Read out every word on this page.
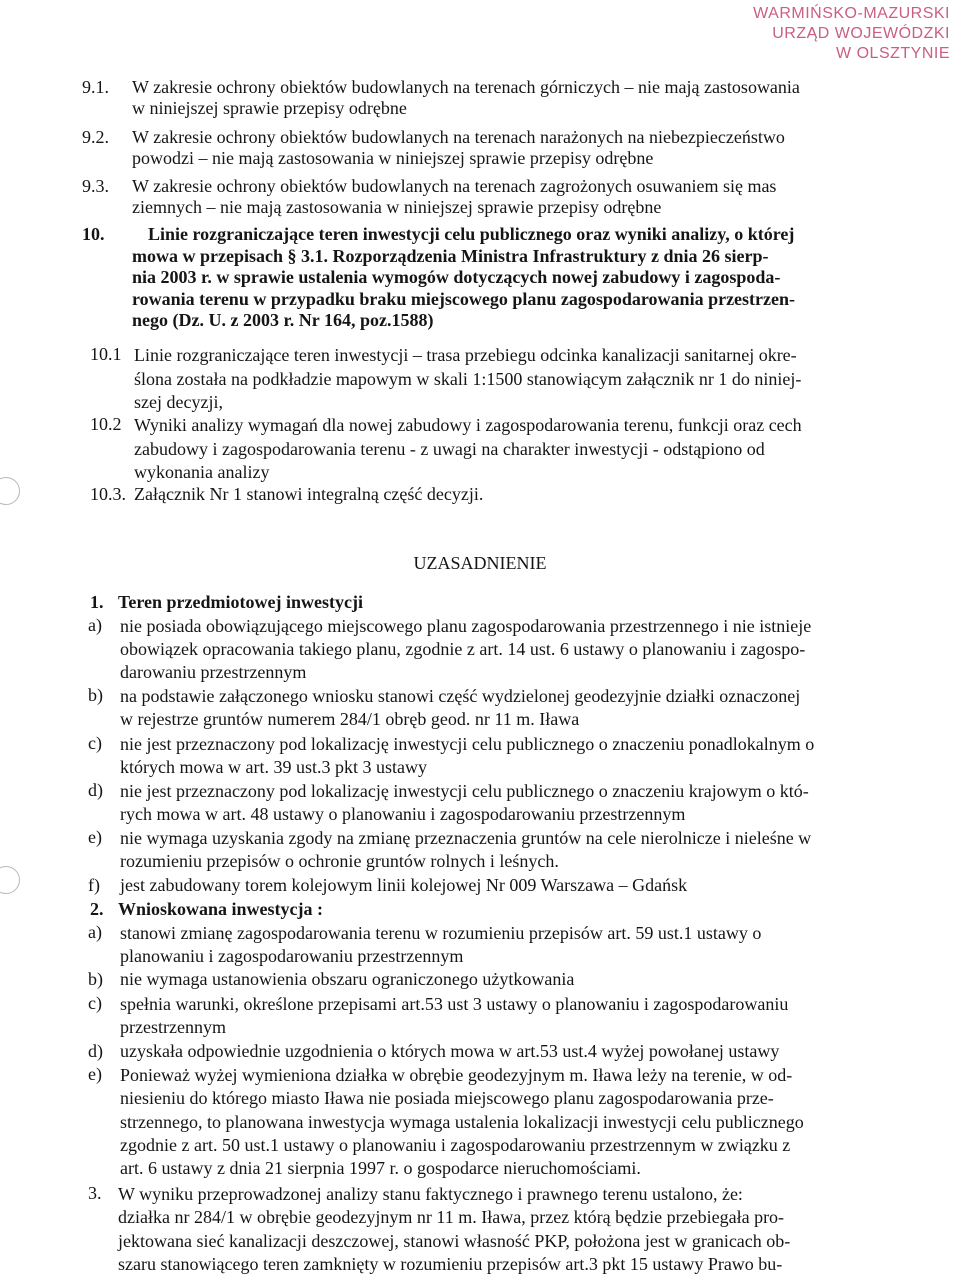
WARMIŃSKO-MAZURSKI
URZĄD WOJEWÓDZKI
W OLSZTYNIE
9.1. W zakresie ochrony obiektów budowlanych na terenach górniczych – nie mają zastosowania
w niniejszej sprawie przepisy odrębne
9.2. W zakresie ochrony obiektów budowlanych na terenach narażonych na niebezpieczeństwo
powodzi – nie mają zastosowania w niniejszej sprawie przepisy odrębne
9.3. W zakresie ochrony obiektów budowlanych na terenach zagrożonych osuwaniem się mas
ziemnych – nie mają zastosowania w niniejszej sprawie przepisy odrębne
10.	Linie rozgraniczające teren inwestycji celu publicznego oraz wyniki analizy, o której
mowa w przepisach § 3.1. Rozporządzenia Ministra Infrastruktury z dnia 26 sierp-
nia 2003 r. w sprawie ustalenia wymogów dotyczących nowej zabudowy i zagospoda-
rowania terenu w przypadku braku miejscowego planu zagospodarowania przestrzen-
nego (Dz. U. z 2003 r. Nr 164, poz.1588)
10.1 Linie rozgraniczające teren inwestycji – trasa przebiegu odcinka kanalizacji sanitarnej okre-
ślona została na podkładzie mapowym w skali 1:1500 stanowiącym załącznik nr 1 do niniej-
szej decyzji,
10.2 Wyniki analizy wymagań dla nowej zabudowy i zagospodarowania terenu, funkcji oraz cech
zabudowy i zagospodarowania terenu - z uwagi na charakter inwestycji - odstąpiono od
wykonania analizy
10.3. Załącznik Nr 1 stanowi integralną część decyzji.
UZASADNIENIE
1. Teren przedmiotowej inwestycji
a) nie posiada obowiązującego miejscowego planu zagospodarowania przestrzennego i nie istnieje
obowiązek opracowania takiego planu, zgodnie z art. 14 ust. 6 ustawy o planowaniu i zagospo-
darowaniu przestrzennym
b) na podstawie załączonego wniosku stanowi część wydzielonej geodezyjnie działki oznaczonej
w rejestrze gruntów numerem 284/1 obręb geod. nr 11 m. Iława
c) nie jest przeznaczony pod lokalizację inwestycji celu publicznego o znaczeniu ponadlokalnym o
których mowa w art. 39 ust.3 pkt 3 ustawy
d) nie jest przeznaczony pod lokalizację inwestycji celu publicznego o znaczeniu krajowym o któ-
rych mowa w art. 48 ustawy o planowaniu i zagospodarowaniu przestrzennym
e) nie wymaga uzyskania zgody na zmianę przeznaczenia gruntów na cele nierolnicze i nieleśne w
rozumieniu przepisów o ochronie gruntów rolnych i leśnych.
f) jest zabudowany torem kolejowym linii kolejowej Nr 009 Warszawa – Gdańsk
2. Wnioskowana inwestycja :
a) stanowi zmianę zagospodarowania terenu w rozumieniu przepisów art. 59 ust.1 ustawy o
planowaniu i zagospodarowaniu przestrzennym
b) nie wymaga ustanowienia obszaru ograniczonego użytkowania
c) spełnia warunki, określone przepisami art.53 ust 3 ustawy o planowaniu i zagospodarowaniu
przestrzennym
d) uzyskała odpowiednie uzgodnienia o których mowa w art.53 ust.4 wyżej powołanej ustawy
e) Ponieważ wyżej wymieniona działka w obrębie geodezyjnym m. Iława leży na terenie, w od-
niesieniu do którego miasto Iława nie posiada miejscowego planu zagospodarowania prze-
strzennego, to planowana inwestycja wymaga ustalenia lokalizacji inwestycji celu publicznego
zgodnie z art. 50 ust.1 ustawy o planowaniu i zagospodarowaniu przestrzennym w związku z
art. 6 ustawy z dnia 21 sierpnia 1997 r. o gospodarce nieruchomościami.
3. W wyniku przeprowadzonej analizy stanu faktycznego i prawnego terenu ustalono, że:
działka nr 284/1 w obrębie geodezyjnym nr 11 m. Iława, przez którą będzie przebiegała pro-
jektowana sieć kanalizacji deszczowej, stanowi własność PKP, położona jest w granicach ob-
szaru stanowiącego teren zamknięty w rozumieniu przepisów art.3 pkt 15 ustawy Prawo bu-
